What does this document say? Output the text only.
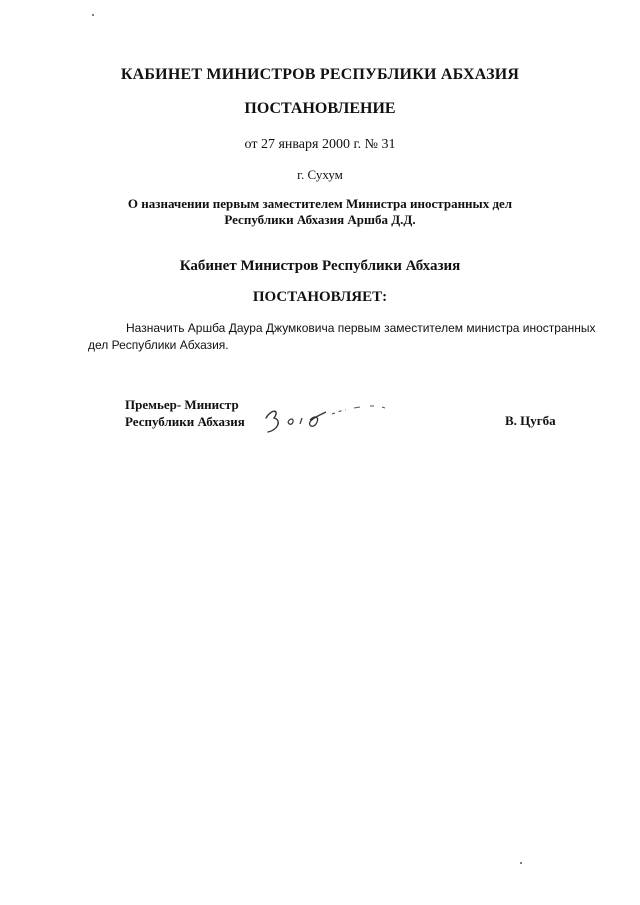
КАБИНЕТ МИНИСТРОВ РЕСПУБЛИКИ АБХАЗИЯ
ПОСТАНОВЛЕНИЕ
от 27 января 2000 г. № 31
г. Сухум
О назначении первым заместителем Министра иностранных дел
Республики Абхазия Аршба Д.Д.
Кабинет Министров Республики Абхазия
ПОСТАНОВЛЯЕТ:
Назначить Аршба Даура Джумковича первым заместителем министра иностранных дел Республики Абхазия.
Премьер- Министр
Республики Абхазия	В. Цугба
